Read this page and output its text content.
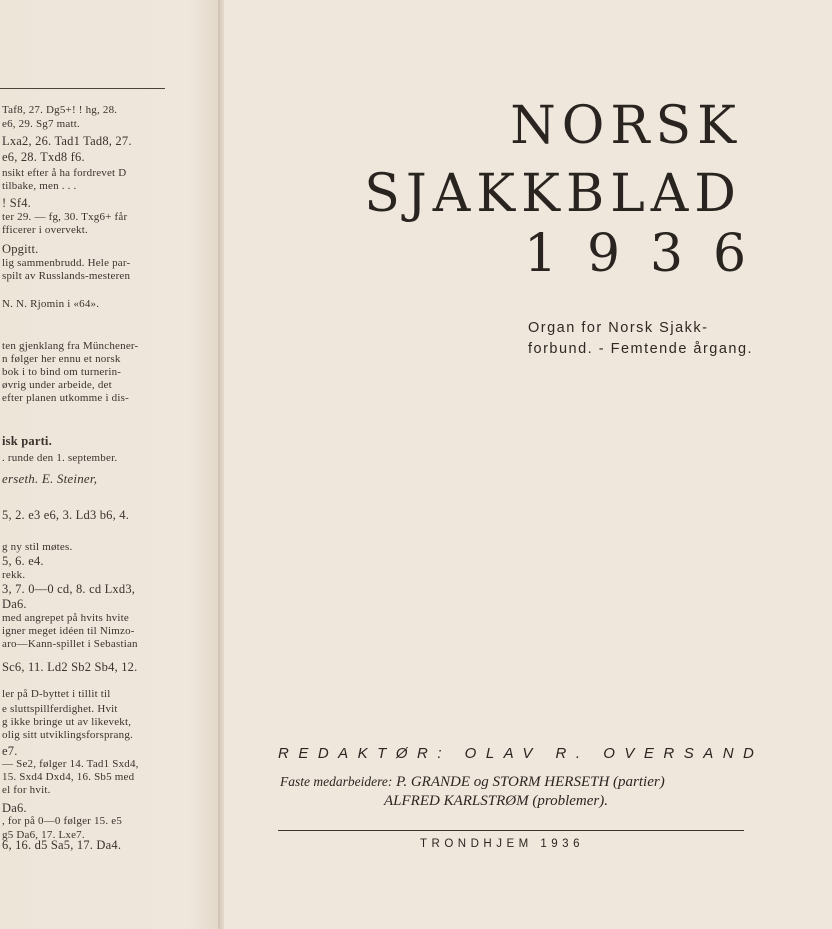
Taf8, 27. Dg5+! ! hg, 28.
e6, 29. Sg7 matt.
Lxa2, 26. Tad1 Tad8, 27.
e6, 28. Txd8 f6.
nsikt efter å ha fordrevet D
tilbake, men . . .
! Sf4.
ter 29. — fg, 30. Txg6+ får
fficerer i overvekt.
Opgitt.
lig sammenbrudd. Hele par-
spilt av Russlands-mesteren
N. N. Rjomin i «64».
ten gjenklang fra Münchener-
n følger her ennu et norsk
bok i to bind om turnerin-
øvrig under arbeide, det
efter planen utkomme i dis-
isk parti.
. runde den 1. september.
erseth. E. Steiner,
5, 2. e3 e6, 3. Ld3 b6, 4.
g ny stil møtes.
5, 6. e4.
rekk.
3, 7. 0—0 cd, 8. cd Lxd3,
Da6.
med angrepet på hvits hvite
igner meget idéen til Nimzo-
aro—Kann-spillet i Sebastian
Sc6, 11. Ld2 Sb2 Sb4, 12.
ler på D-byttet i tillit til
e sluttspillferdighet. Hvit
g ikke bringe ut av likevekt,
olig sitt utviklingsforsprang.
e7.
— Se2, følger 14. Tad1 Sxd4,
15. Sxd4 Dxd4, 16. Sb5 med
el for hvit.
Da6.
, for på 0—0 følger 15. e5
g5 Da6, 17. Lxe7.
6, 16. d5 Sa5, 17. Da4.
NORSK
SJAKKBLAD
1 9 3 6
Organ for Norsk Sjakk-
forbund. - Femtende årgang.
REDAKTØR: OLAV R. OVERSAND
Faste medarbeidere: P. GRANDE og STORM HERSETH (partier)
ALFRED KARLSTRØM (problemer).
TRONDHJEM 1936
